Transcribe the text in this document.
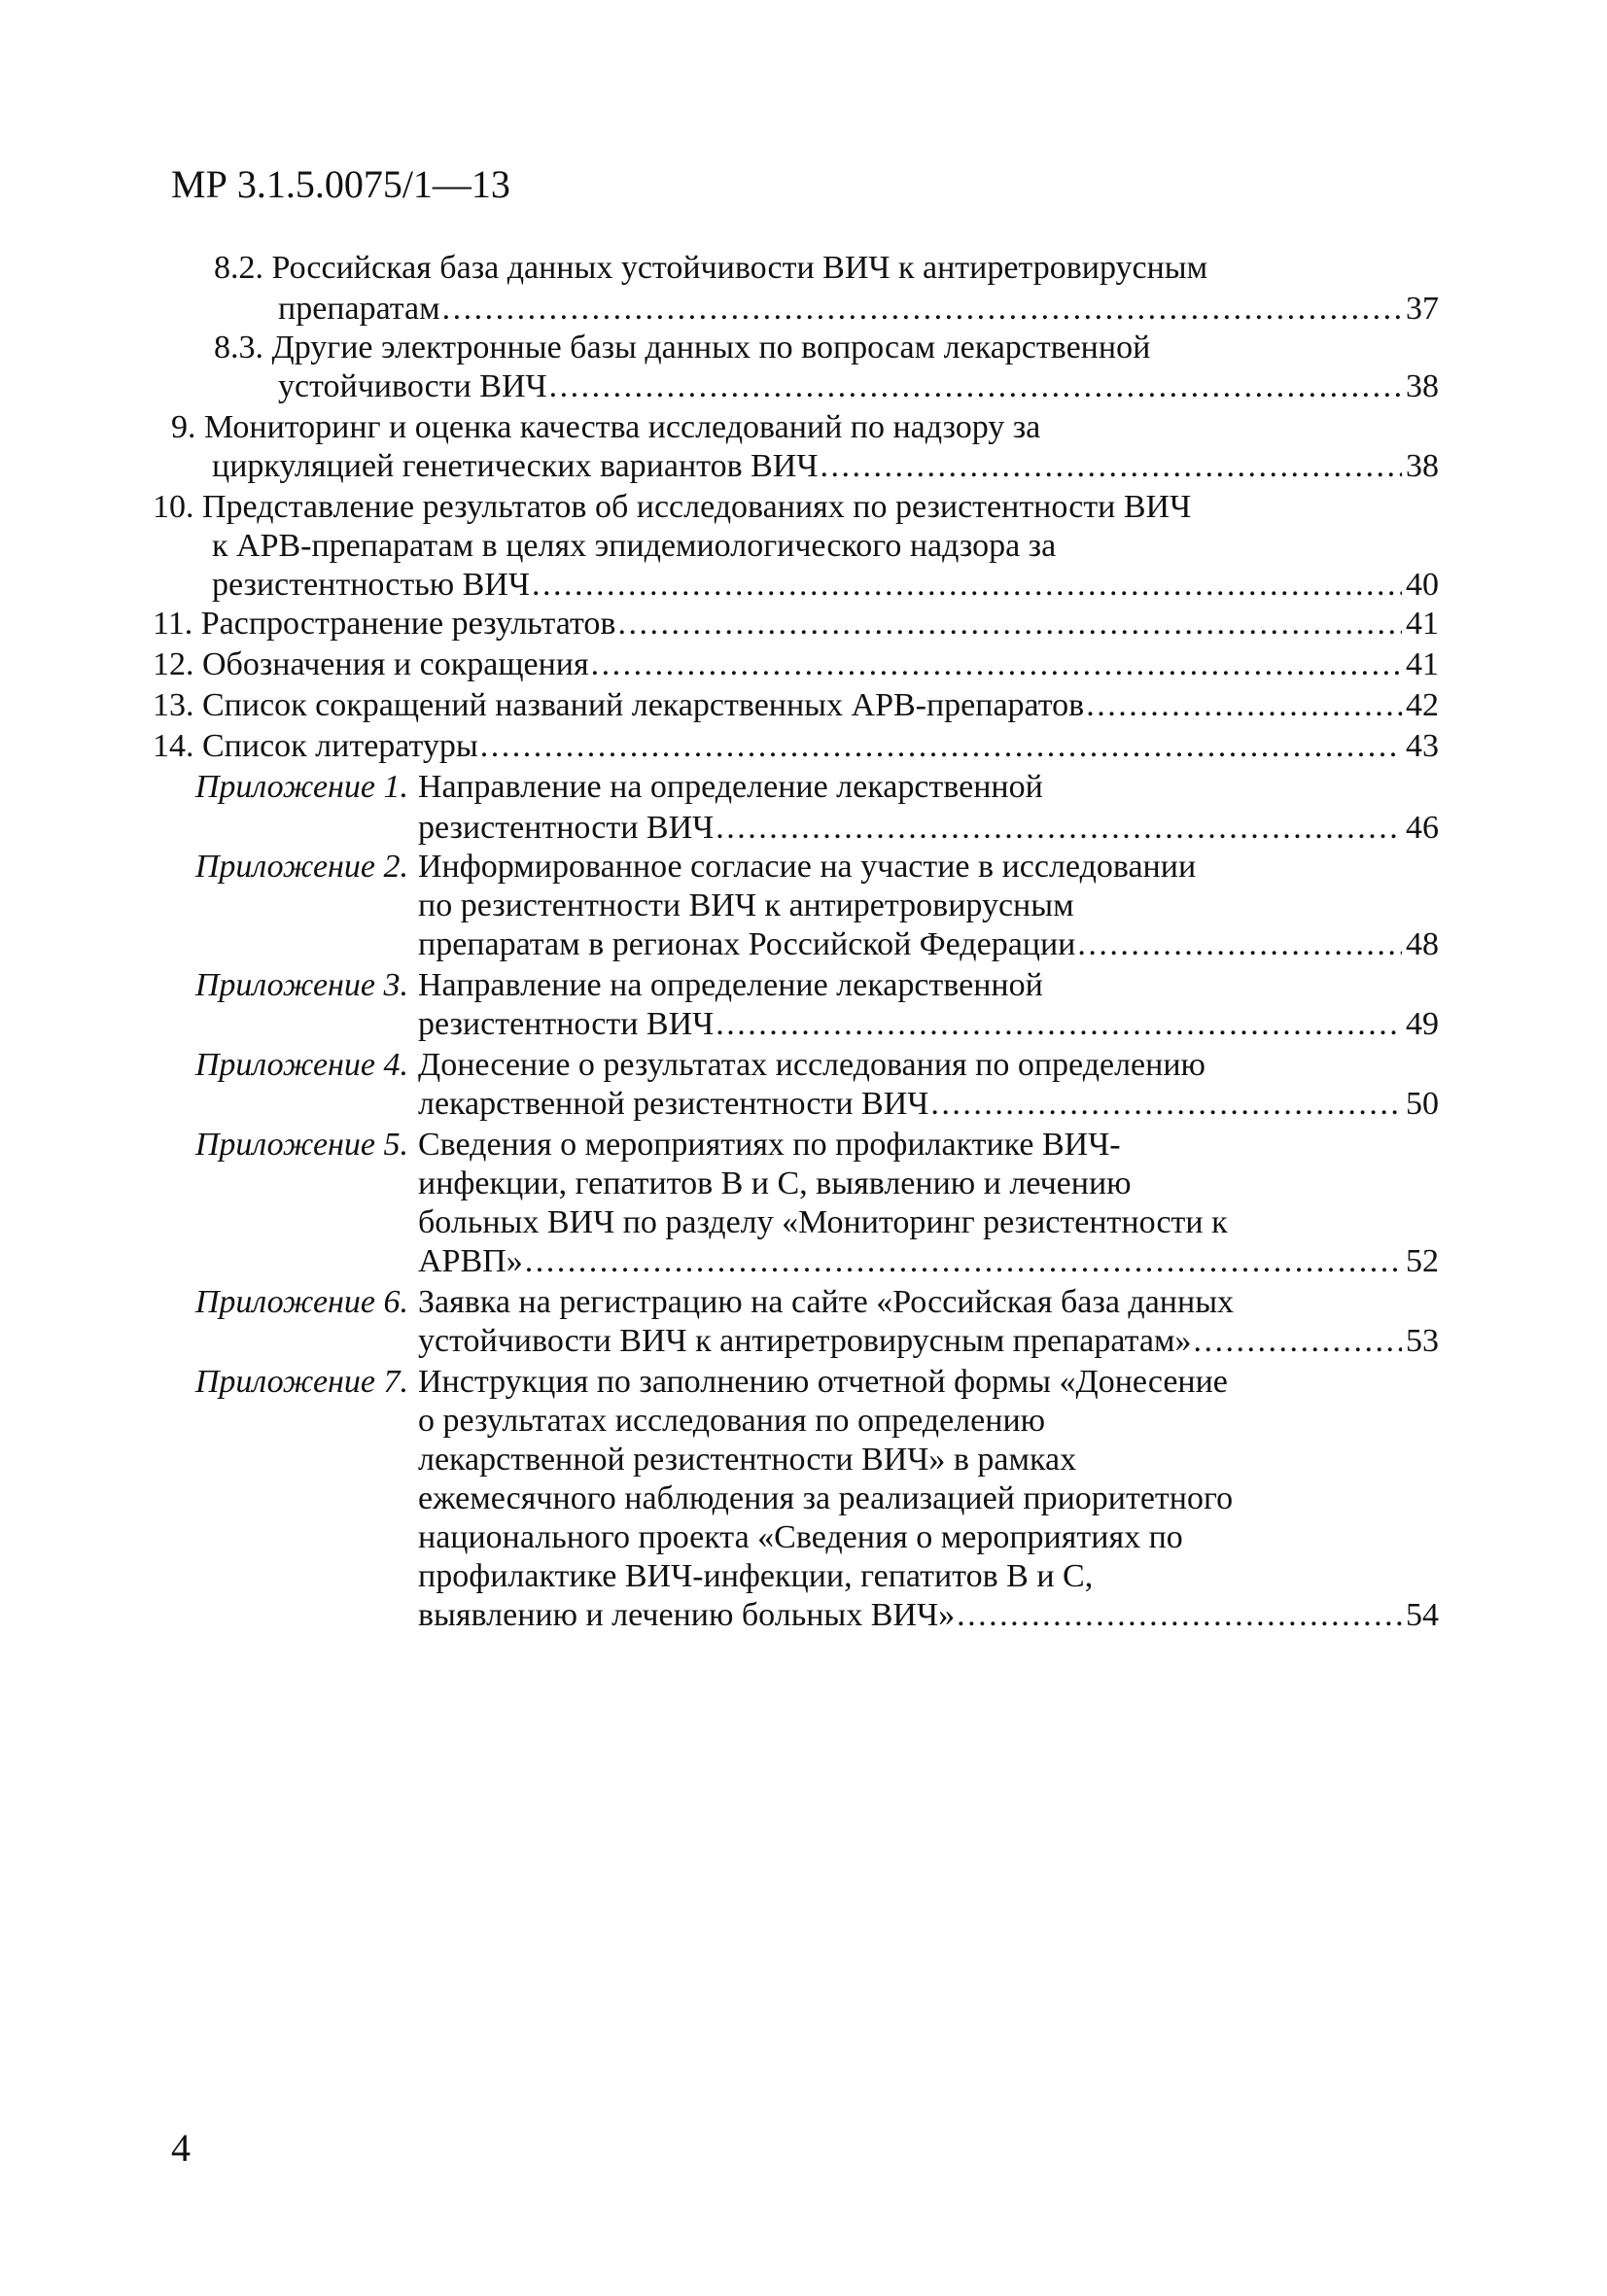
МР 3.1.5.0075/1—13
8.2. Российская база данных устойчивости ВИЧ к антиретровирусным
препаратам . . .	37
8.3. Другие электронные базы данных по вопросам лекарственной
устойчивости ВИЧ . . .	38
9. Мониторинг и оценка качества исследований по надзору за
циркуляцией генетических вариантов ВИЧ . . .	38
10. Представление результатов об исследованиях по резистентности ВИЧ
к АРВ-препаратам в целях эпидемиологического надзора за
резистентностью ВИЧ . . .	40
11. Распространение результатов . . .	41
12. Обозначения и сокращения . . .	41
13. Список сокращений названий лекарственных АРВ-препаратов . . .	42
14. Список литературы . . .	43
Приложение 1. Направление на определение лекарственной
резистентности ВИЧ . . .	46
Приложение 2. Информированное согласие на участие в исследовании
по резистентности ВИЧ к антиретровирусным
препаратам в регионах Российской Федерации . . .	48
Приложение 3. Направление на определение лекарственной
резистентности ВИЧ . . .	49
Приложение 4. Донесение о результатах исследования по определению
лекарственной резистентности ВИЧ . . .	50
Приложение 5. Сведения о мероприятиях по профилактике ВИЧ-
инфекции, гепатитов В и С, выявлению и лечению
больных ВИЧ по разделу «Мониторинг резистентности к
АРВП» . . .	52
Приложение 6. Заявка на регистрацию на сайте «Российская база данных
устойчивости ВИЧ к антиретровирусным препаратам» . . .	53
Приложение 7. Инструкция по заполнению отчетной формы «Донесение
о результатах исследования по определению
лекарственной резистентности ВИЧ» в рамках
ежемесячного наблюдения за реализацией приоритетного
национального проекта «Сведения о мероприятиях по
профилактике ВИЧ-инфекции, гепатитов В и С,
выявлению и лечению больных ВИЧ» . . .	54
4
